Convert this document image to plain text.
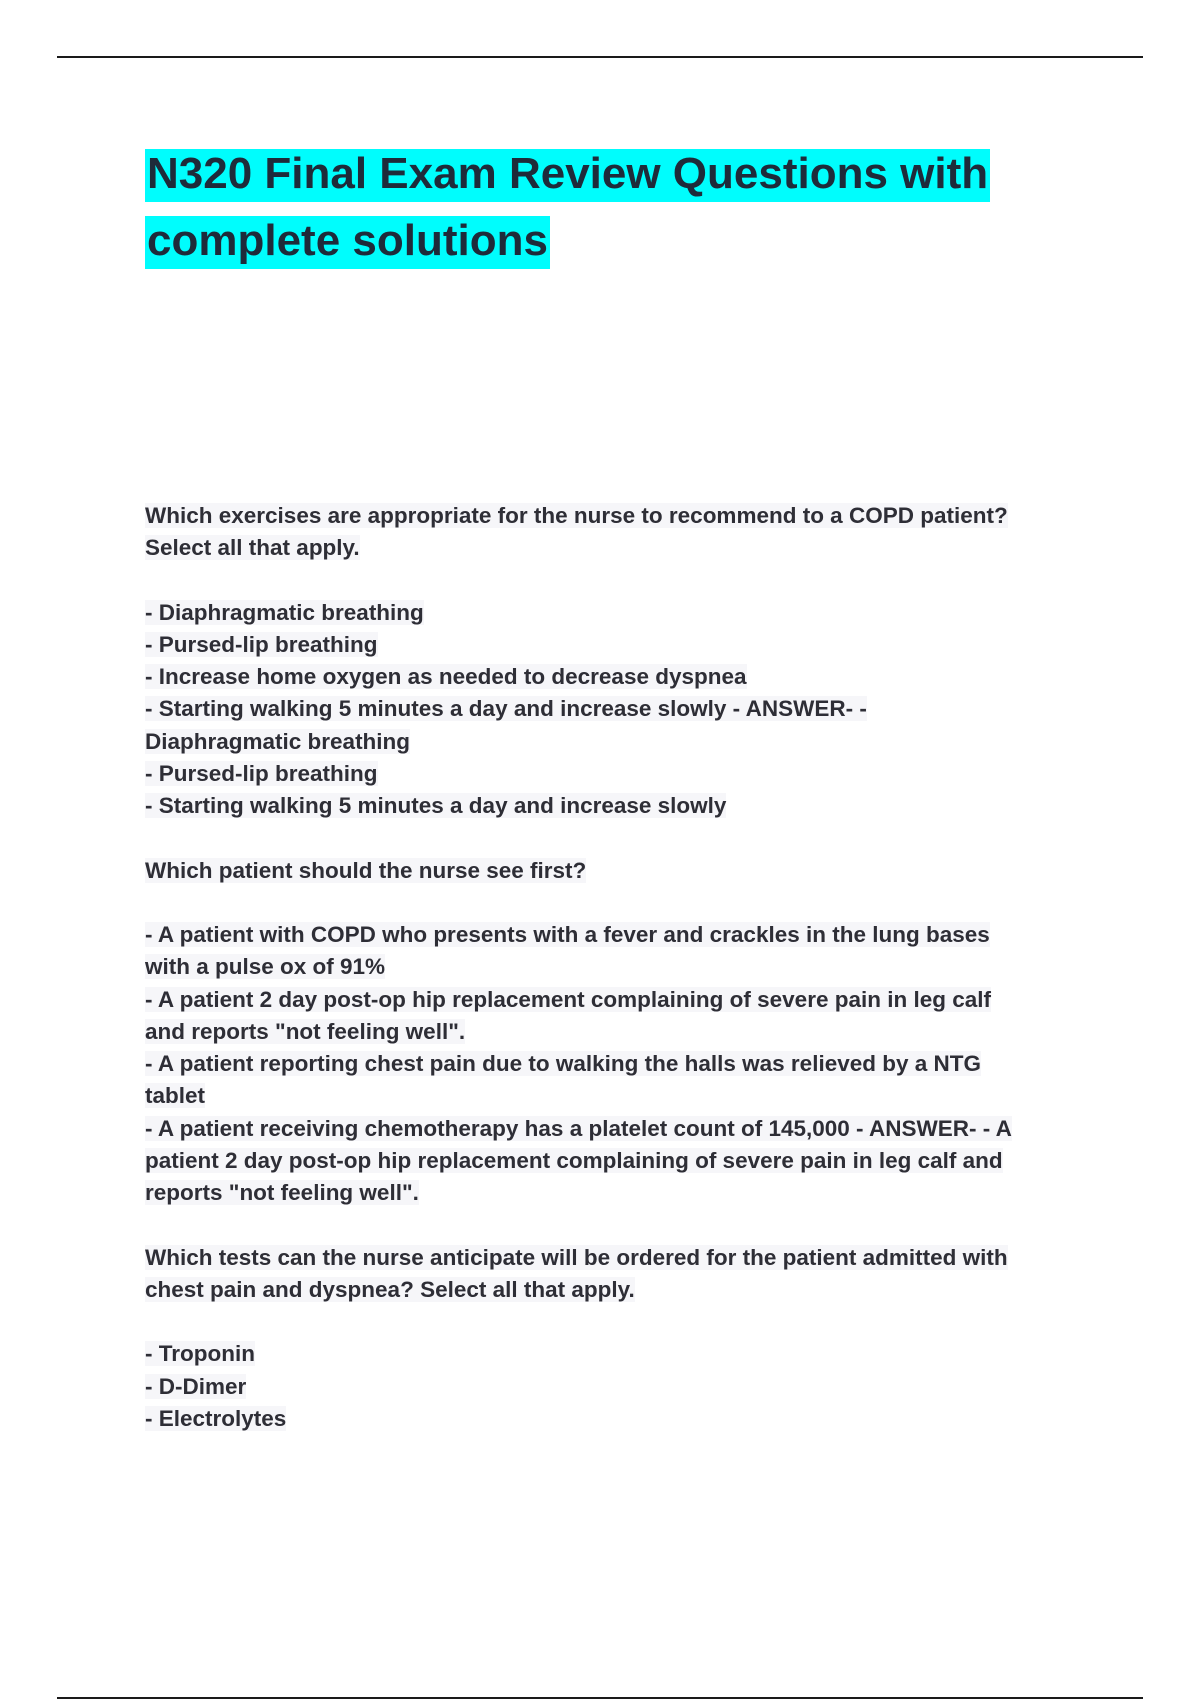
N320 Final Exam Review Questions with
complete solutions
Which exercises are appropriate for the nurse to recommend to a COPD patient?
Select all that apply.
- Diaphragmatic breathing
- Pursed-lip breathing
- Increase home oxygen as needed to decrease dyspnea
- Starting walking 5 minutes a day and increase slowly - ANSWER- -
Diaphragmatic breathing
- Pursed-lip breathing
- Starting walking 5 minutes a day and increase slowly
Which patient should the nurse see first?
- A patient with COPD who presents with a fever and crackles in the lung bases
with a pulse ox of 91%
- A patient 2 day post-op hip replacement complaining of severe pain in leg calf
and reports "not feeling well".
- A patient reporting chest pain due to walking the halls was relieved by a NTG
tablet
- A patient receiving chemotherapy has a platelet count of 145,000 - ANSWER- - A
patient 2 day post-op hip replacement complaining of severe pain in leg calf and
reports "not feeling well".
Which tests can the nurse anticipate will be ordered for the patient admitted with
chest pain and dyspnea? Select all that apply.
- Troponin
- D-Dimer
- Electrolytes
